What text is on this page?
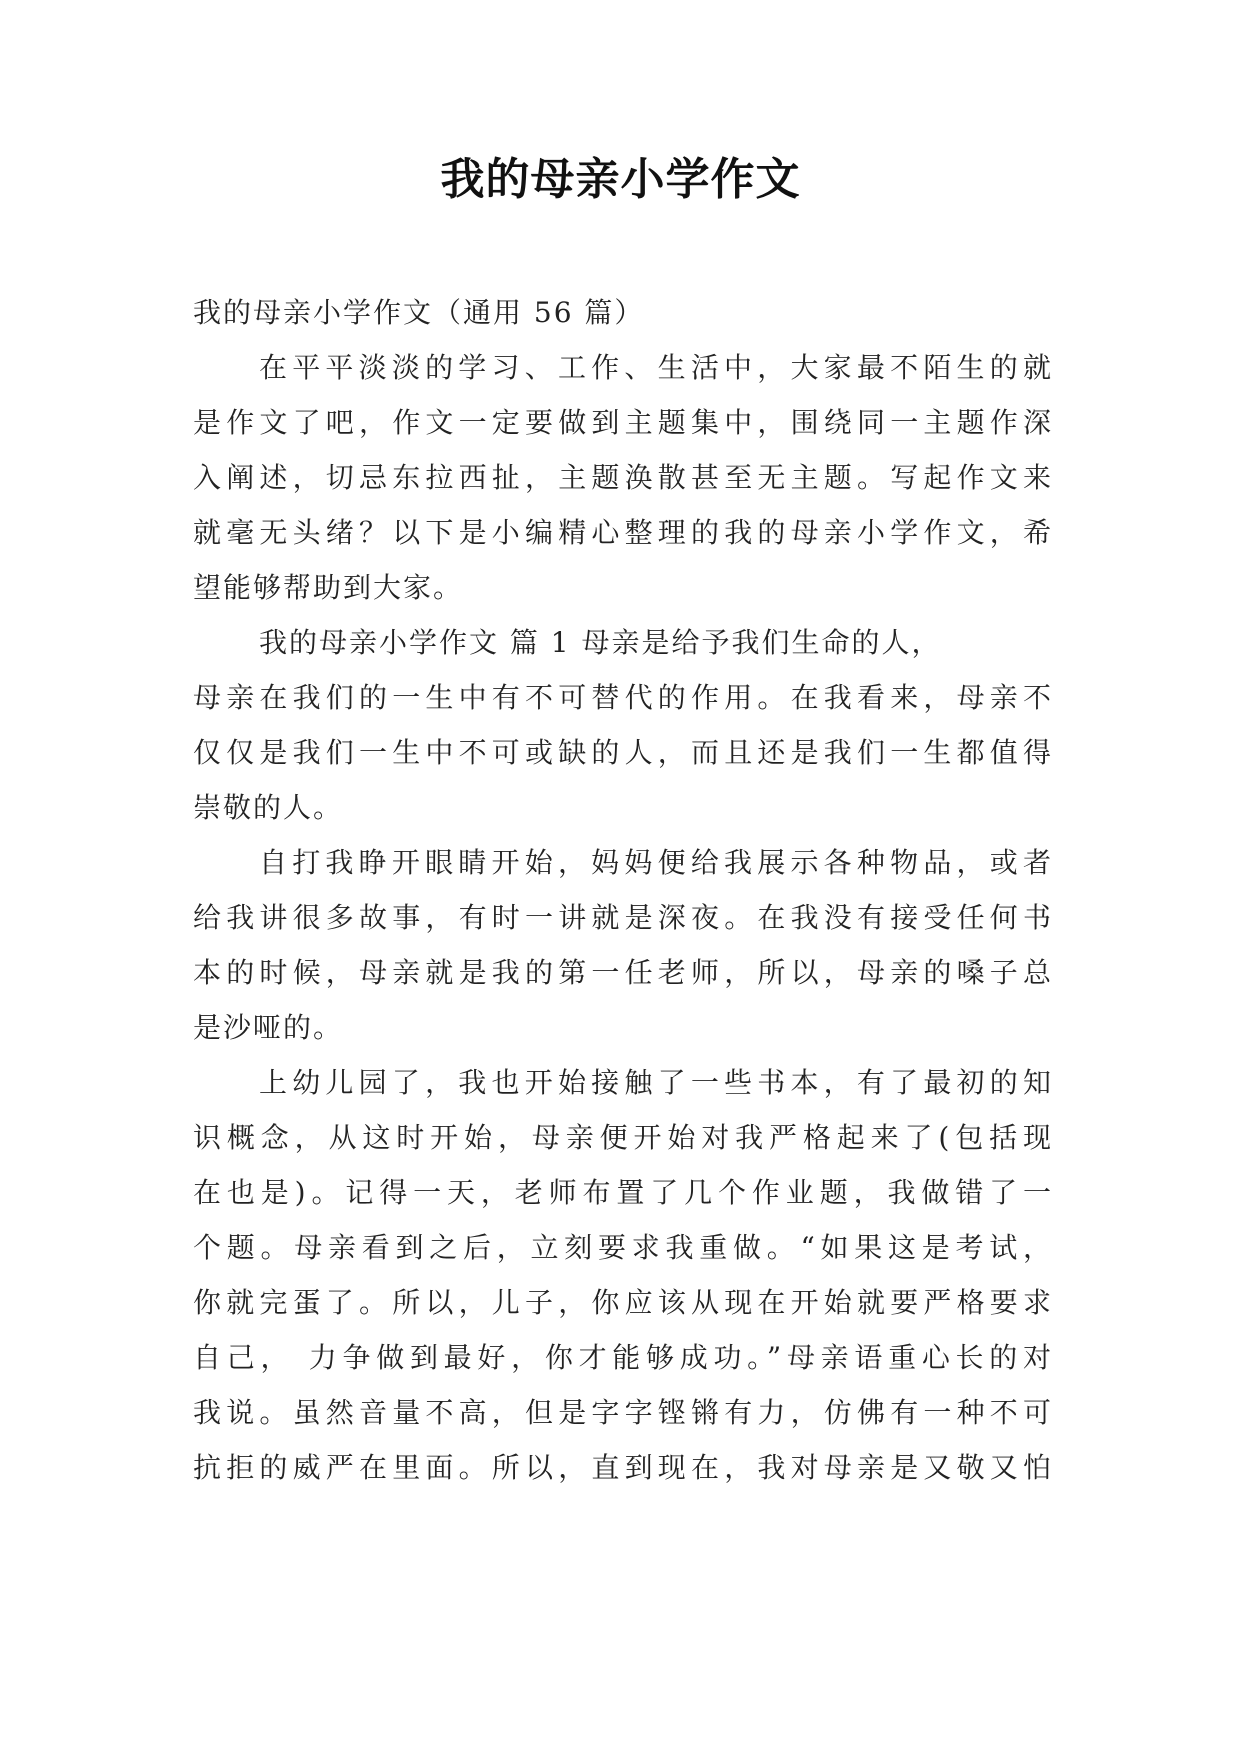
我的母亲小学作文
我的母亲小学作文（通用 56 篇）
在平平淡淡的学习、工作、生活中，大家最不陌生的就
是作文了吧，作文一定要做到主题集中，围绕同一主题作深
入阐述，切忌东拉西扯，主题涣散甚至无主题。写起作文来
就毫无头绪？以下是小编精心整理的我的母亲小学作文，希
望能够帮助到大家。
我的母亲小学作文 篇 1 母亲是给予我们生命的人，
母亲在我们的一生中有不可替代的作用。在我看来，母亲不
仅仅是我们一生中不可或缺的人，而且还是我们一生都值得
崇敬的人。
自打我睁开眼睛开始，妈妈便给我展示各种物品，或者
给我讲很多故事，有时一讲就是深夜。在我没有接受任何书
本的时候，母亲就是我的第一任老师，所以，母亲的嗓子总
是沙哑的。
上幼儿园了，我也开始接触了一些书本，有了最初的知
识概念，从这时开始，母亲便开始对我严格起来了(包括现
在也是)。记得一天，老师布置了几个作业题，我做错了一
个题。母亲看到之后，立刻要求我重做。“如果这是考试，
你就完蛋了。所以，儿子，你应该从现在开始就要严格要求
自己， 力争做到最好，你才能够成功。”母亲语重心长的对
我说。虽然音量不高，但是字字铿锵有力，仿佛有一种不可
抗拒的威严在里面。所以，直到现在，我对母亲是又敬又怕
